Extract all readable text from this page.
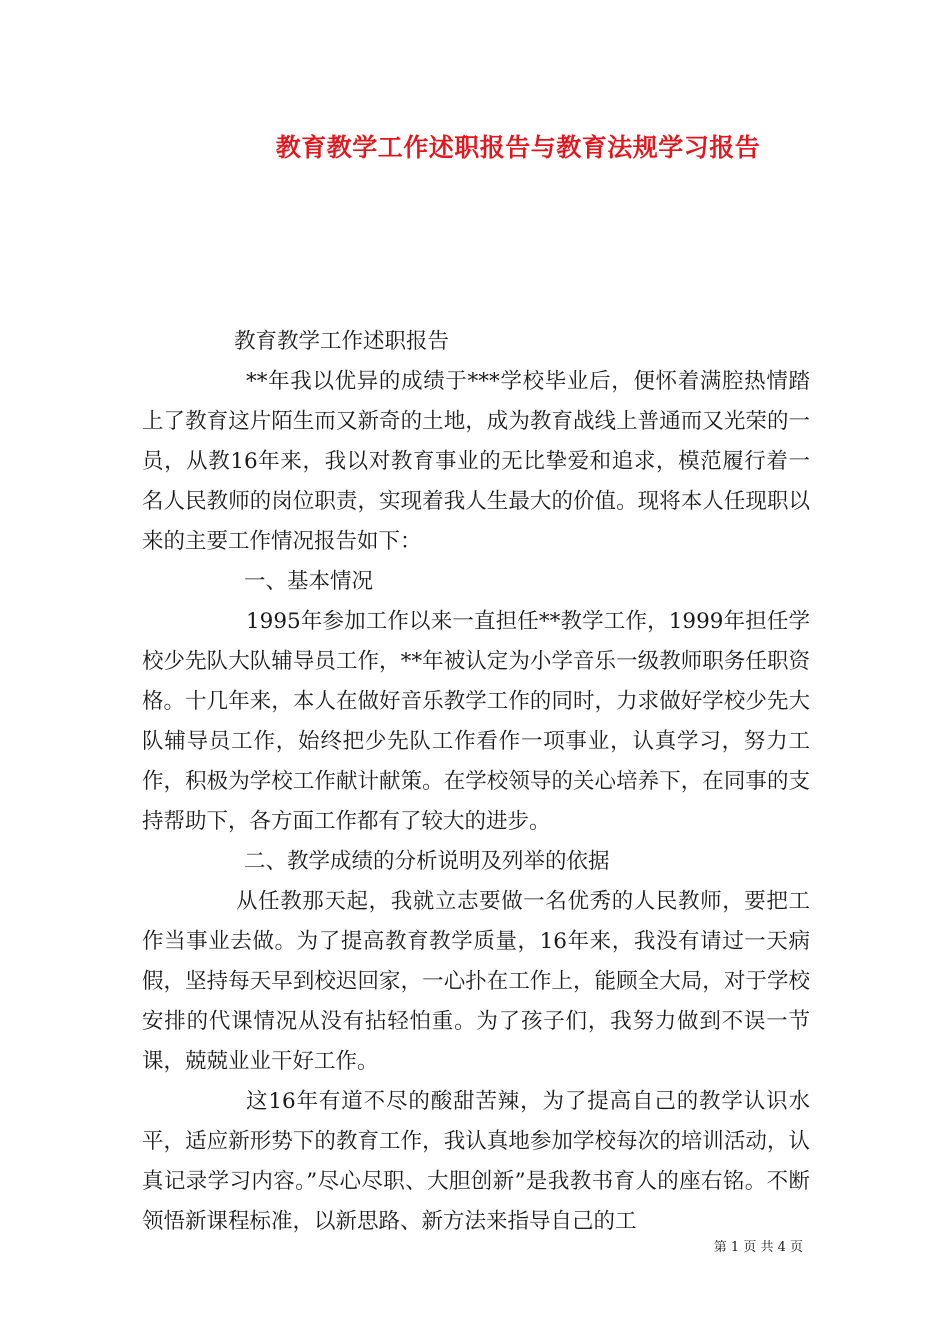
教育教学工作述职报告与教育法规学习报告

教育教学工作述职报告

**年我以优异的成绩于***学校毕业后，便怀着满腔热情踏上了教育这片陌生而又新奇的土地，成为教育战线上普通而又光荣的一员，从教16年来，我以对教育事业的无比挚爱和追求，模范履行着一名人民教师的岗位职责，实现着我人生最大的价值。现将本人任现职以来的主要工作情况报告如下：

一、基本情况

1995年参加工作以来一直担任**教学工作，1999年担任学校少先队大队辅导员工作，**年被认定为小学音乐一级教师职务任职资格。十几年来，本人在做好音乐教学工作的同时，力求做好学校少先大队辅导员工作，始终把少先队工作看作一项事业，认真学习，努力工作，积极为学校工作献计献策。在学校领导的关心培养下，在同事的支持帮助下，各方面工作都有了较大的进步。

二、教学成绩的分析说明及列举的依据

从任教那天起，我就立志要做一名优秀的人民教师，要把工作当事业去做。为了提高教育教学质量，16年来，我没有请过一天病假，坚持每天早到校迟回家，一心扑在工作上，能顾全大局，对于学校安排的代课情况从没有拈轻怕重。为了孩子们，我努力做到不误一节课，兢兢业业干好工作。

这16年有道不尽的酸甜苦辣，为了提高自己的教学认识水平，适应新形势下的教育工作，我认真地参加学校每次的培训活动，认真记录学习内容。”尽心尽职、大胆创新”是我教书育人的座右铭。不断领悟新课程标准，以新思路、新方法来指导自己的工

第 1 页 共 4 页
